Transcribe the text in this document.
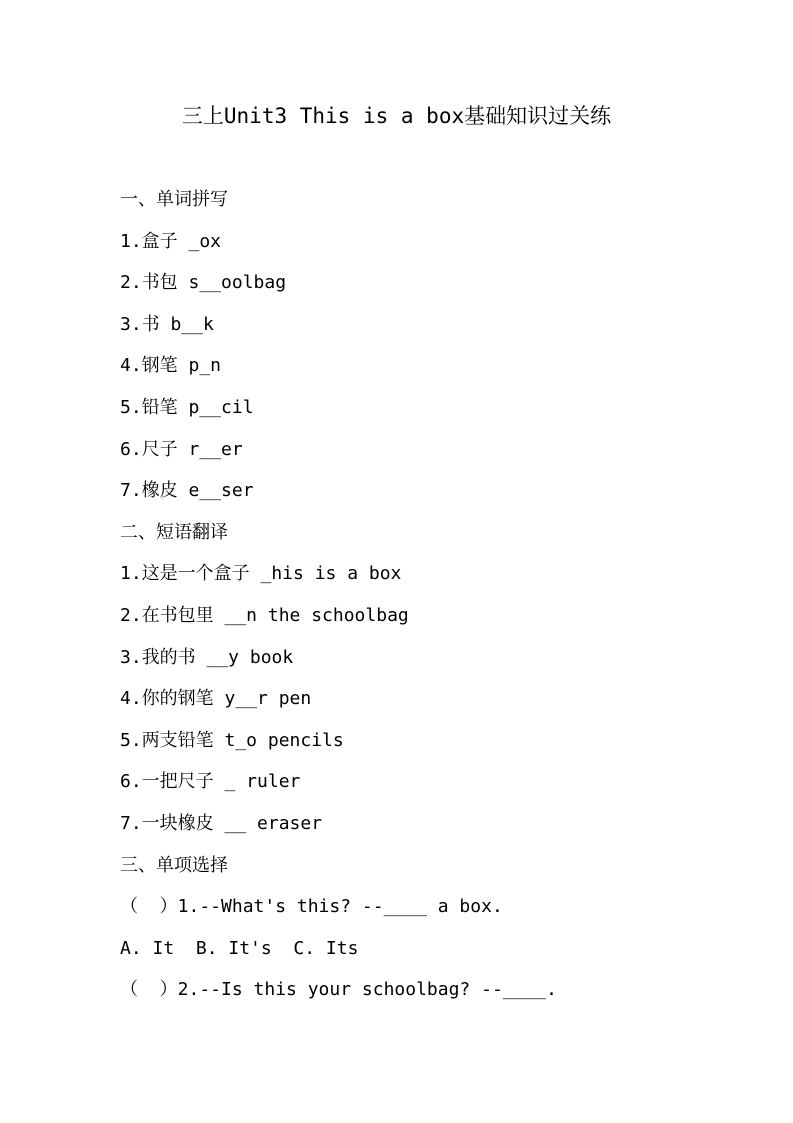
三上Unit3 This is a box基础知识过关练
一、单词拼写
1.盒子 _ox
2.书包 s__oolbag
3.书 b__k
4.钢笔 p_n
5.铅笔 p__cil
6.尺子 r__er
7.橡皮 e__ser
二、短语翻译
1.这是一个盒子 _his is a box
2.在书包里 __n the schoolbag
3.我的书 __y book
4.你的钢笔 y__r pen
5.两支铅笔 t_o pencils
6.一把尺子 _ ruler
7.一块橡皮 __ eraser
三、单项选择
（  ）1.--What's this? --____ a box.
A. It  B. It's  C. Its
（  ）2.--Is this your schoolbag? --____.
